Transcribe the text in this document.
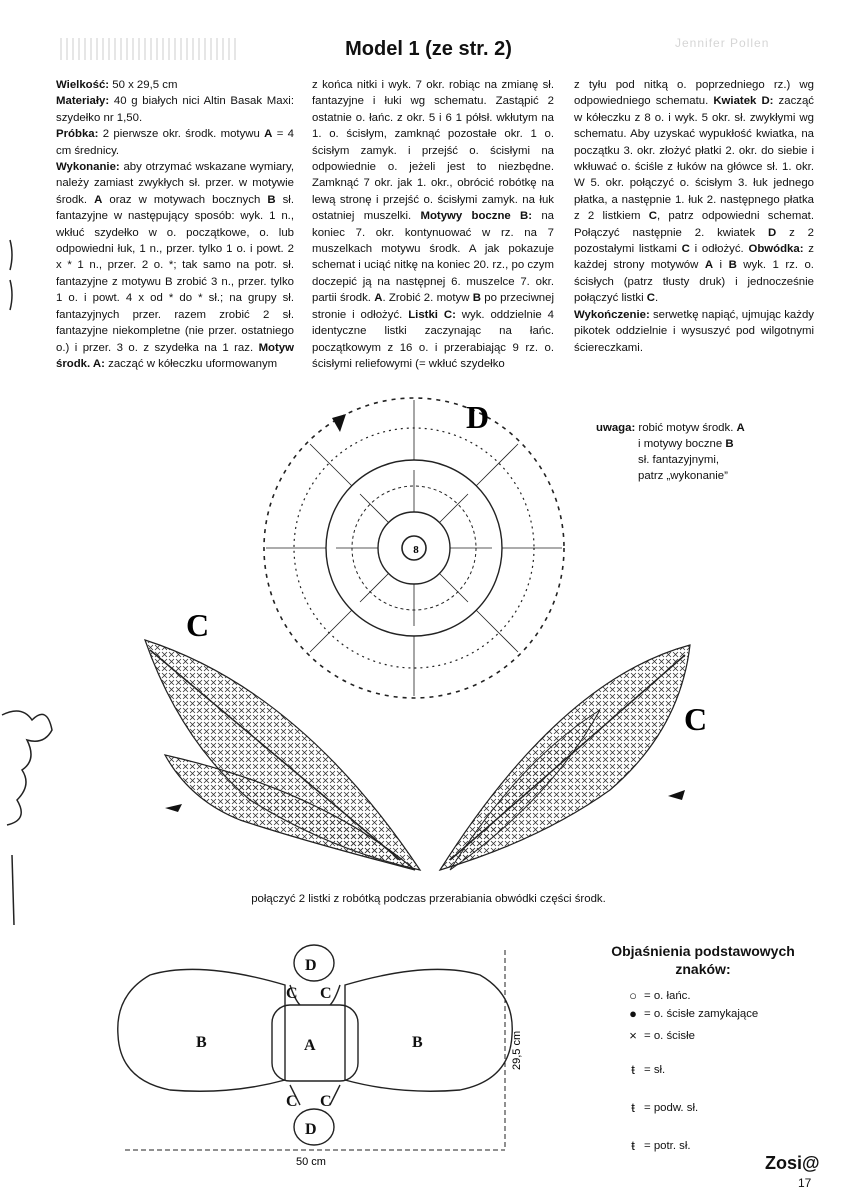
Jennifer Pollen
Model 1 (ze str. 2)

Wielkość: 50 x 29,5 cm

Materiały: 40 g białych nici Altin Basak Maxi: szydełko nr 1,50.

Próbka: 2 pierwsze okr. środk. motywu A = 4 cm średnicy.

Wykonanie: aby otrzymać wskazane wymiary, należy zamiast zwykłych sł. przer. w motywie środk. A oraz w motywach bocznych B sł. fantazyjne w następujący sposób: wyk. 1 n., wkłuć szydełko w o. początkowe, o. lub odpowiedni łuk, 1 n., przer. tylko 1 o. i powt. 2 x * 1 n., przer. 2 o. *; tak samo na potr. sł. fantazyjne z motywu B zrobić 3 n., przer. tylko 1 o. i powt. 4 x od * do * sł.; na grupy sł. fantazyjnych przer. razem zrobić 2 sł. fantazyjne niekompletne (nie przer. ostatniego o.) i przer. 3 o. z szydełka na 1 raz. Motyw środk. A: zacząć w kółeczku uformowanym

z końca nitki i wyk. 7 okr. robiąc na zmianę sł. fantazyjne i łuki wg schematu. Zastąpić 2 ostatnie o. łańc. z okr. 5 i 6 1 półsł. wkłutym na 1. o. ścisłym, zamknąć pozostałe okr. 1 o. ścisłym zamyk. i przejść o. ścisłymi na odpowiednie o. jeżeli jest to niezbędne. Zamknąć 7 okr. jak 1. okr., obrócić robótkę na lewą stronę i przejść o. ścisłymi zamyk. na łuk ostatniej muszelki. Motywy boczne B: na koniec 7. okr. kontynuować w rz. na 7 muszelkach motywu środk. A jak pokazuje schemat i uciąć nitkę na koniec 20. rz., po czym doczepić ją na następnej 6. muszelce 7. okr. partii środk. A. Zrobić 2. motyw B po przeciwnej stronie i odłożyć. Listki C: wyk. oddzielnie 4 identyczne listki zaczynając na łańc. początkowym z 16 o. i przerabiając 9 rz. o. ścisłymi reliefowymi (= wkłuć szydełko

z tyłu pod nitką o. poprzedniego rz.) wg odpowiedniego schematu. Kwiatek D: zacząć w kółeczku z 8 o. i wyk. 5 okr. sł. zwykłymi wg schematu. Aby uzyskać wypukłość kwiatka, na początku 3. okr. złożyć płatki 2. okr. do siebie i wkłuwać o. ściśle z łuków na główce sł. 1. okr. W 5. okr. połączyć o. ścisłym 3. łuk jednego płatka, a następnie 1. łuk 2. następnego płatka z 2 listkiem C, patrz odpowiedni schemat. Połączyć następnie 2. kwiatek D z 2 pozostałymi listkami C i odłożyć. Obwódka: z każdej strony motywów A i B wyk. 1 rz. o. ścisłych (patrz tłusty druk) i jednocześnie połączyć listki C.

Wykończenie: serwetkę napiąć, ujmując każdy pikotek oddzielnie i wysuszyć pod wilgotnymi ściereczkami.

8
D
C
C
A
B	B
C C
C C
D
D
50 cm
29,5 cm
uwaga: robić motyw środk. A
i motywy boczne B
sł. fantazyjnymi,
patrz „wykonanie”
połączyć 2 listki z robótką podczas przerabiania obwódki części środk.
Objaśnienia podstawowych
znaków:
○ = o. łańc.
● = o. ścisłe zamykające
× = o. ścisłe
ŧ = sł.
ŧ = podw. sł.
ŧ = potr. sł.
Zosi@
17
